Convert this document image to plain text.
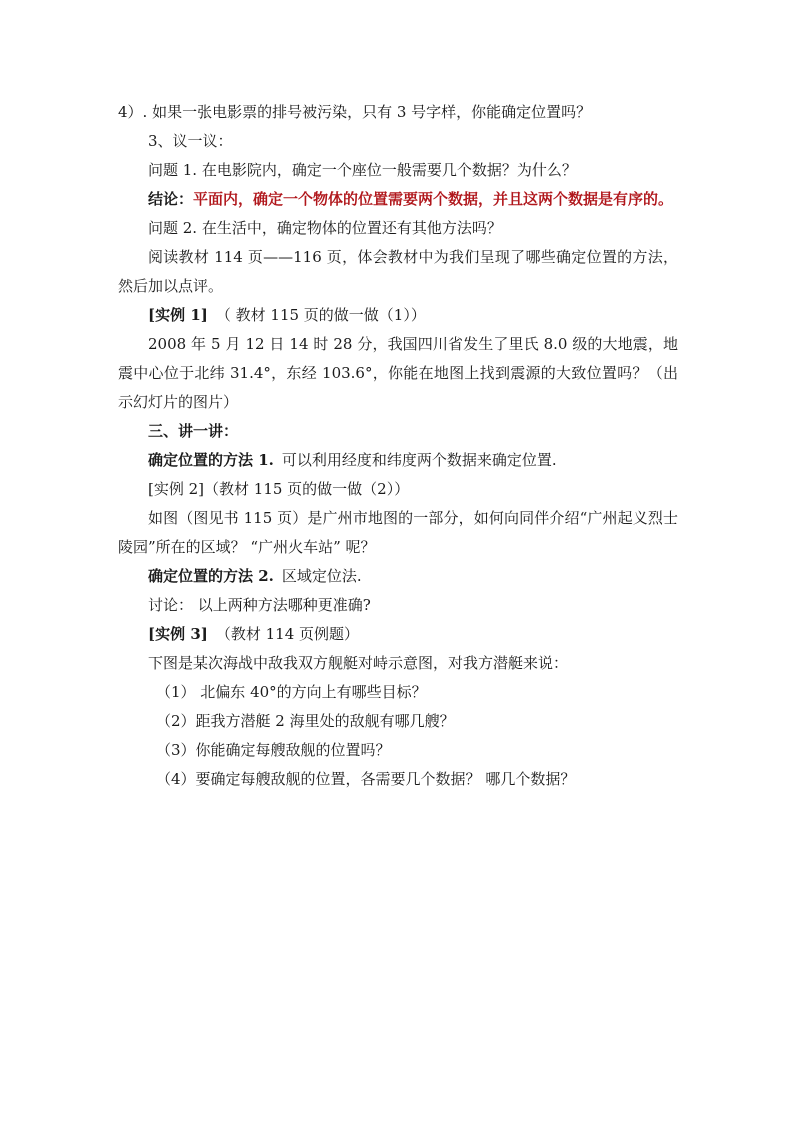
4）. 如果一张电影票的排号被污染，只有 3 号字样，你能确定位置吗？
3、议一议：
问题 1. 在电影院内，确定一个座位一般需要几个数据？为什么？
结论：平面内，确定一个物体的位置需要两个数据，并且这两个数据是有序的。
问题 2. 在生活中，确定物体的位置还有其他方法吗？
阅读教材 114 页——116 页，体会教材中为我们呈现了哪些确定位置的方法，然后加以点评。
[实例 1] （ 教材 115 页的做一做（1））
2008 年 5 月 12 日 14 时 28 分，我国四川省发生了里氏 8.0 级的大地震，地震中心位于北纬 31.4°，东经 103.6°，你能在地图上找到震源的大致位置吗？（出示幻灯片的图片）
三、讲一讲：
确定位置的方法 1. 可以利用经度和纬度两个数据来确定位置.
[实例 2]（教材 115 页的做一做（2））
如图（图见书 115 页）是广州市地图的一部分，如何向同伴介绍“广州起义烈士陵园”所在的区域？ “广州火车站” 呢？
确定位置的方法 2. 区域定位法.
讨论： 以上两种方法哪种更准确?
[实例 3] （教材 114 页例题）
下图是某次海战中敌我双方舰艇对峙示意图，对我方潜艇来说：
（1） 北偏东 40°的方向上有哪些目标？
（2）距我方潜艇 2 海里处的敌舰有哪几艘？
（3）你能确定每艘敌舰的位置吗？
（4）要确定每艘敌舰的位置，各需要几个数据？ 哪几个数据？
